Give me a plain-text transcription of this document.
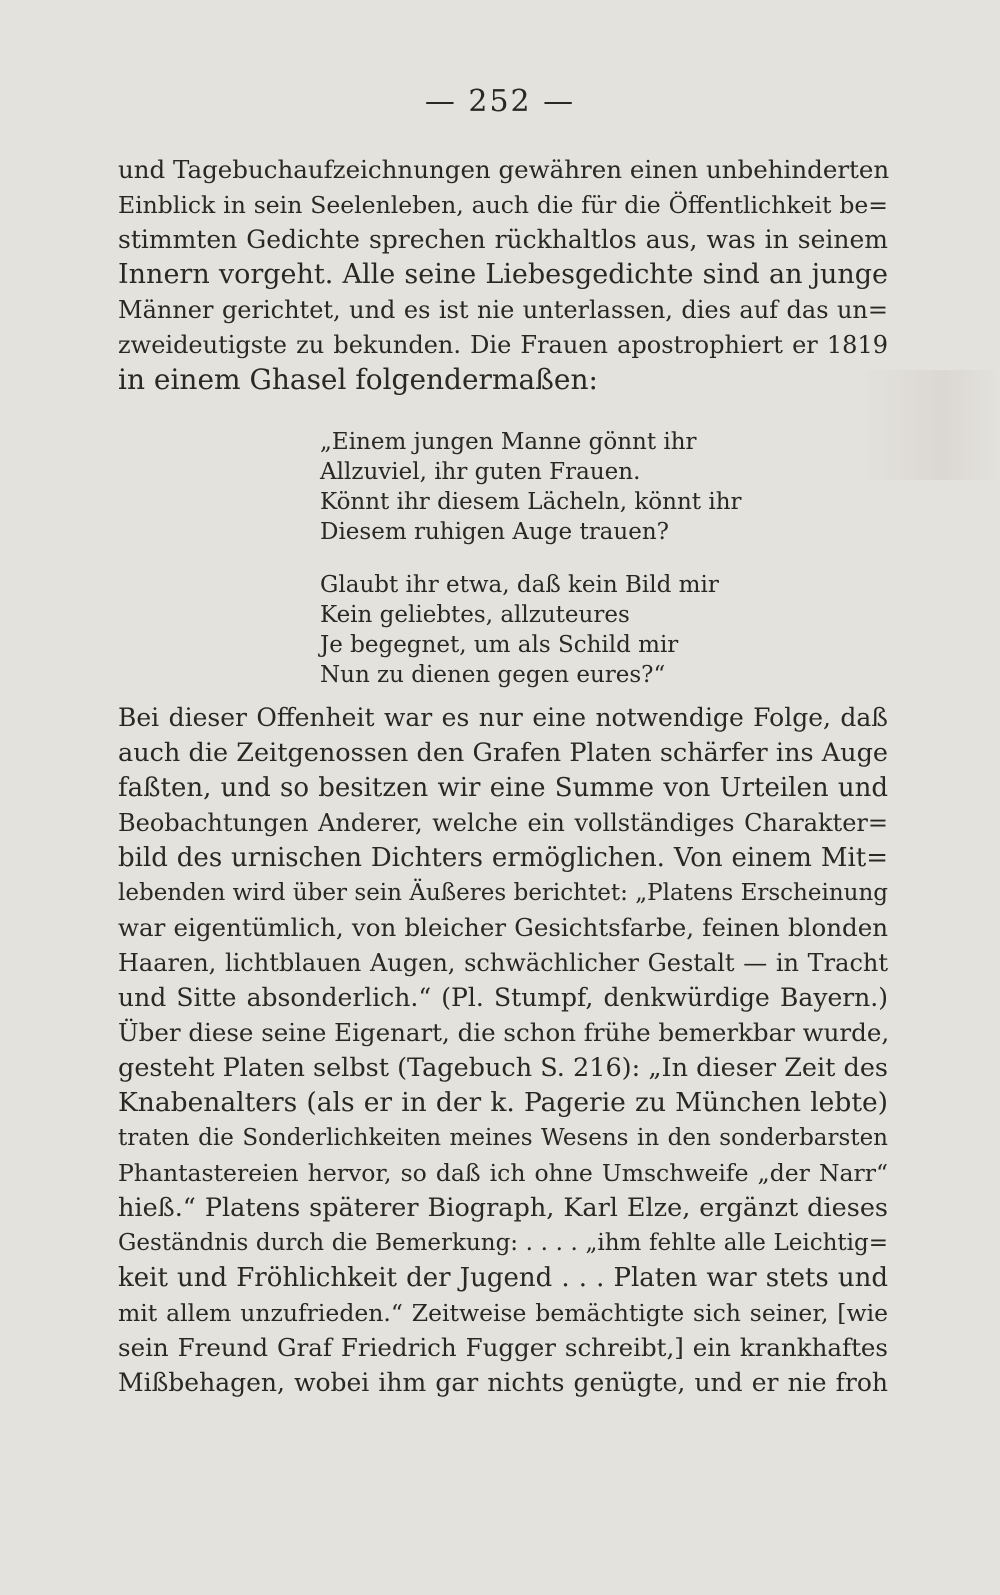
— 252 —
und Tagebuchaufzeichnungen gewähren einen unbehinderten
Einblick in sein Seelenleben, auch die für die Öffentlichkeit be=
stimmten Gedichte sprechen rückhaltlos aus, was in seinem
Innern vorgeht. Alle seine Liebesgedichte sind an junge
Männer gerichtet, und es ist nie unterlassen, dies auf das un=
zweideutigste zu bekunden. Die Frauen apostrophiert er 1819
in einem Ghasel folgendermaßen:
„Einem jungen Manne gönnt ihr
Allzuviel, ihr guten Frauen.
Könnt ihr diesem Lächeln, könnt ihr
Diesem ruhigen Auge trauen?
Glaubt ihr etwa, daß kein Bild mir
Kein geliebtes, allzuteures
Je begegnet, um als Schild mir
Nun zu dienen gegen eures?“
Bei dieser Offenheit war es nur eine notwendige Folge, daß
auch die Zeitgenossen den Grafen Platen schärfer ins Auge
faßten, und so besitzen wir eine Summe von Urteilen und
Beobachtungen Anderer, welche ein vollständiges Charakter=
bild des urnischen Dichters ermöglichen. Von einem Mit=
lebenden wird über sein Äußeres berichtet: „Platens Erscheinung
war eigentümlich, von bleicher Gesichtsfarbe, feinen blonden
Haaren, lichtblauen Augen, schwächlicher Gestalt — in Tracht
und Sitte absonderlich.“ (Pl. Stumpf, denkwürdige Bayern.)
Über diese seine Eigenart, die schon frühe bemerkbar wurde,
gesteht Platen selbst (Tagebuch S. 216): „In dieser Zeit des
Knabenalters (als er in der k. Pagerie zu München lebte)
traten die Sonderlichkeiten meines Wesens in den sonderbarsten
Phantastereien hervor, so daß ich ohne Umschweife „der Narr“
hieß.“ Platens späterer Biograph, Karl Elze, ergänzt dieses
Geständnis durch die Bemerkung: . . . . „ihm fehlte alle Leichtig=
keit und Fröhlichkeit der Jugend . . . Platen war stets und
mit allem unzufrieden.“ Zeitweise bemächtigte sich seiner, [wie
sein Freund Graf Friedrich Fugger schreibt,] ein krankhaftes
Mißbehagen, wobei ihm gar nichts genügte, und er nie froh
